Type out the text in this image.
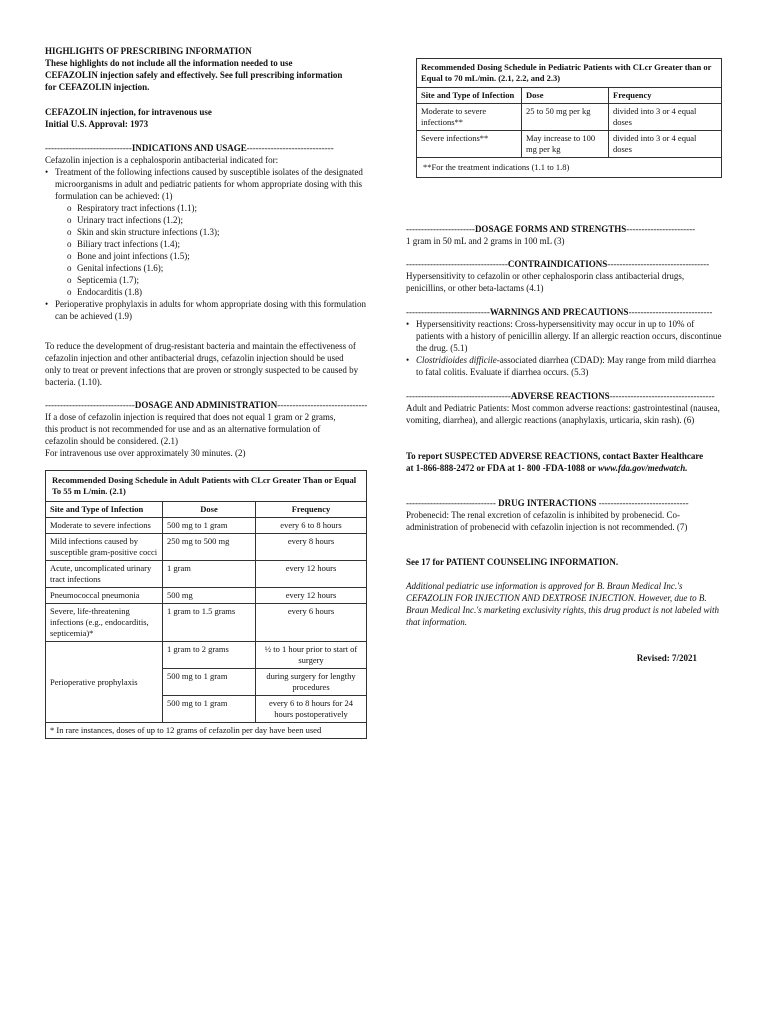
HIGHLIGHTS OF PRESCRIBING INFORMATION

These highlights do not include all the information needed to use CEFAZOLIN injection safely and effectively. See full prescribing information for CEFAZOLIN injection.

CEFAZOLIN injection, for intravenous use

Initial U.S. Approval: 1973

-----------------------------INDICATIONS AND USAGE-----------------------------

Cefazolin injection is a cephalosporin antibacterial indicated for:

• Treatment of the following infections caused by susceptible isolates of the designated microorganisms in adult and pediatric patients for whom appropriate dosing with this formulation can be achieved: (1)
o Respiratory tract infections (1.1);
o Urinary tract infections (1.2);
o Skin and skin structure infections (1.3);
o Biliary tract infections (1.4);
o Bone and joint infections (1.5);
o Genital infections (1.6);
o Septicemia (1.7);
o Endocarditis (1.8)
• Perioperative prophylaxis in adults for whom appropriate dosing with this formulation can be achieved (1.9)

To reduce the development of drug-resistant bacteria and maintain the effectiveness of cefazolin injection and other antibacterial drugs, cefazolin injection should be used only to treat or prevent infections that are proven or strongly suspected to be caused by bacteria. (1.10).

------------------------------DOSAGE AND ADMINISTRATION------------------------------

If a dose of cefazolin injection is required that does not equal 1 gram or 2 grams, this product is not recommended for use and as an alternative formulation of cefazolin should be considered. (2.1)

For intravenous use over approximately 30 minutes. (2)

Recommended Dosing Schedule in Adult Patients with CLcr Greater Than or Equal To 55 m L/min. (2.1)		
Site and Type of Infection	Dose	Frequency
Moderate to severe infections	500 mg to 1 gram	every 6 to 8 hours
Mild infections caused by susceptible gram-positive cocci	250 mg to 500 mg	every 8 hours
Acute, uncomplicated urinary tract infections	1 gram	every 12 hours
Pneumococcal pneumonia	500 mg	every 12 hours
Severe, life-threatening infections (e.g., endocarditis, septicemia)*	1 gram to 1.5 grams	every 6 hours
Perioperative prophylaxis	1 gram to 2 grams	½ to 1 hour prior to start of surgery
	500 mg to 1 gram	during surgery for lengthy procedures
	500 mg to 1 gram	every 6 to 8 hours for 24 hours postoperatively
* In rare instances, doses of up to 12 grams of cefazolin per day have been used		
Recommended Dosing Schedule in Pediatric Patients with CLcr Greater than or Equal to 70 mL/min. (2.1, 2.2, and 2.3)		
Site and Type of Infection	Dose	Frequency
Moderate to severe infections**	25 to 50 mg per kg	divided into 3 or 4 equal doses
Severe infections**	May increase to 100 mg per kg	divided into 3 or 4 equal doses
**For the treatment indications (1.1 to 1.8)		
-----------------------DOSAGE FORMS AND STRENGTHS-----------------------

1 gram in 50 mL and 2 grams in 100 mL (3)

----------------------------------CONTRAINDICATIONS----------------------------------

Hypersensitivity to cefazolin or other cephalosporin class antibacterial drugs, penicillins, or other beta-lactams (4.1)

----------------------------WARNINGS AND PRECAUTIONS----------------------------
• Hypersensitivity reactions: Cross-hypersensitivity may occur in up to 10% of patients with a history of penicillin allergy. If an allergic reaction occurs, discontinue the drug. (5.1)
• Clostridioides difficile-associated diarrhea (CDAD): May range from mild diarrhea to fatal colitis. Evaluate if diarrhea occurs. (5.3)
-----------------------------------ADVERSE REACTIONS-----------------------------------

Adult and Pediatric Patients: Most common adverse reactions: gastrointestinal (nausea, vomiting, diarrhea), and allergic reactions (anaphylaxis, urticaria, skin rash). (6)

To report SUSPECTED ADVERSE REACTIONS, contact Baxter Healthcare at 1-866-888-2472 or FDA at 1- 800 -FDA-1088 or www.fda.gov/medwatch.

------------------------------ DRUG INTERACTIONS ------------------------------

Probenecid: The renal excretion of cefazolin is inhibited by probenecid. Co-administration of probenecid with cefazolin injection is not recommended. (7)

See 17 for PATIENT COUNSELING INFORMATION.

Additional pediatric use information is approved for B. Braun Medical Inc.'s CEFAZOLIN FOR INJECTION AND DEXTROSE INJECTION. However, due to B. Braun Medical Inc.'s marketing exclusivity rights, this drug product is not labeled with that information.

Revised: 7/2021
